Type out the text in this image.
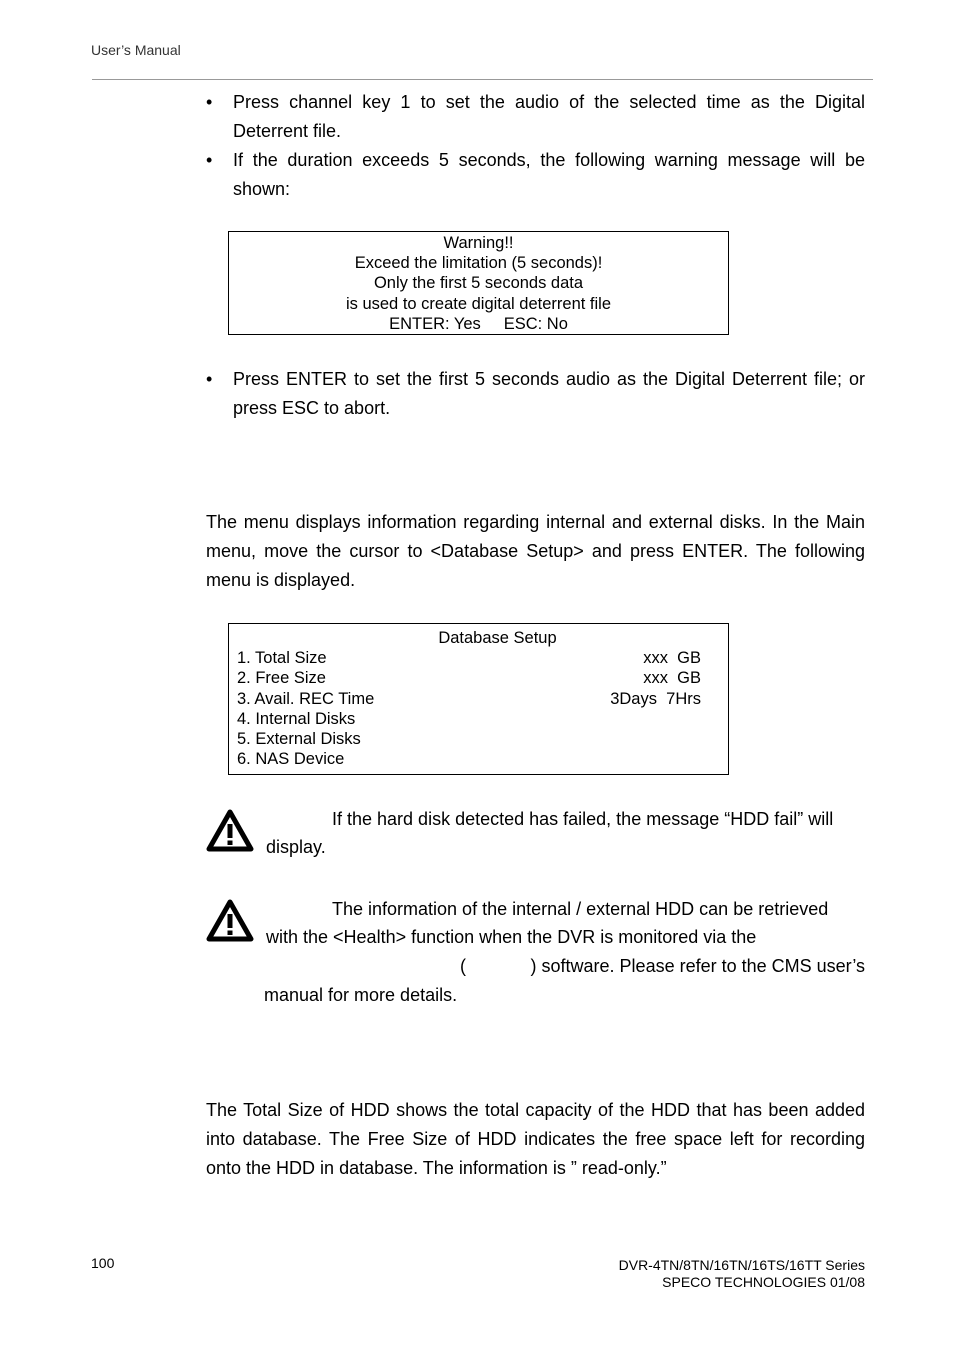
User’s Manual
•	Press channel key 1 to set the audio of the selected time as the Digital Deterrent file.
•	If the duration exceeds 5 seconds, the following warning message will be shown:
Warning!!
Exceed the limitation (5 seconds)!
Only the first 5 seconds data
is used to create digital deterrent file
ENTER: Yes     ESC: No
•	Press ENTER to set the first 5 seconds audio as the Digital Deterrent file; or press ESC to abort.
The menu displays information regarding internal and external disks. In the Main menu, move the cursor to <Database Setup> and press ENTER. The following menu is displayed.
Database Setup
1. Total Size	xxx  GB
2. Free Size	xxx  GB
3. Avail. REC Time	3Days  7Hrs
4. Internal Disks
5. External Disks
6. NAS Device
If the hard disk detected has failed, the message “HDD fail” will
display.
The information of the internal / external HDD can be retrieved
with the <Health> function when the DVR is monitored via the
(	) software. Please refer to the CMS user’s
manual for more details.
The Total Size of HDD shows the total capacity of the HDD that has been added into database. The Free Size of HDD indicates the free space left for recording onto the HDD in database. The information is ” read-only.”
100	DVR-4TN/8TN/16TN/16TS/16TT Series
SPECO TECHNOLOGIES 01/08
